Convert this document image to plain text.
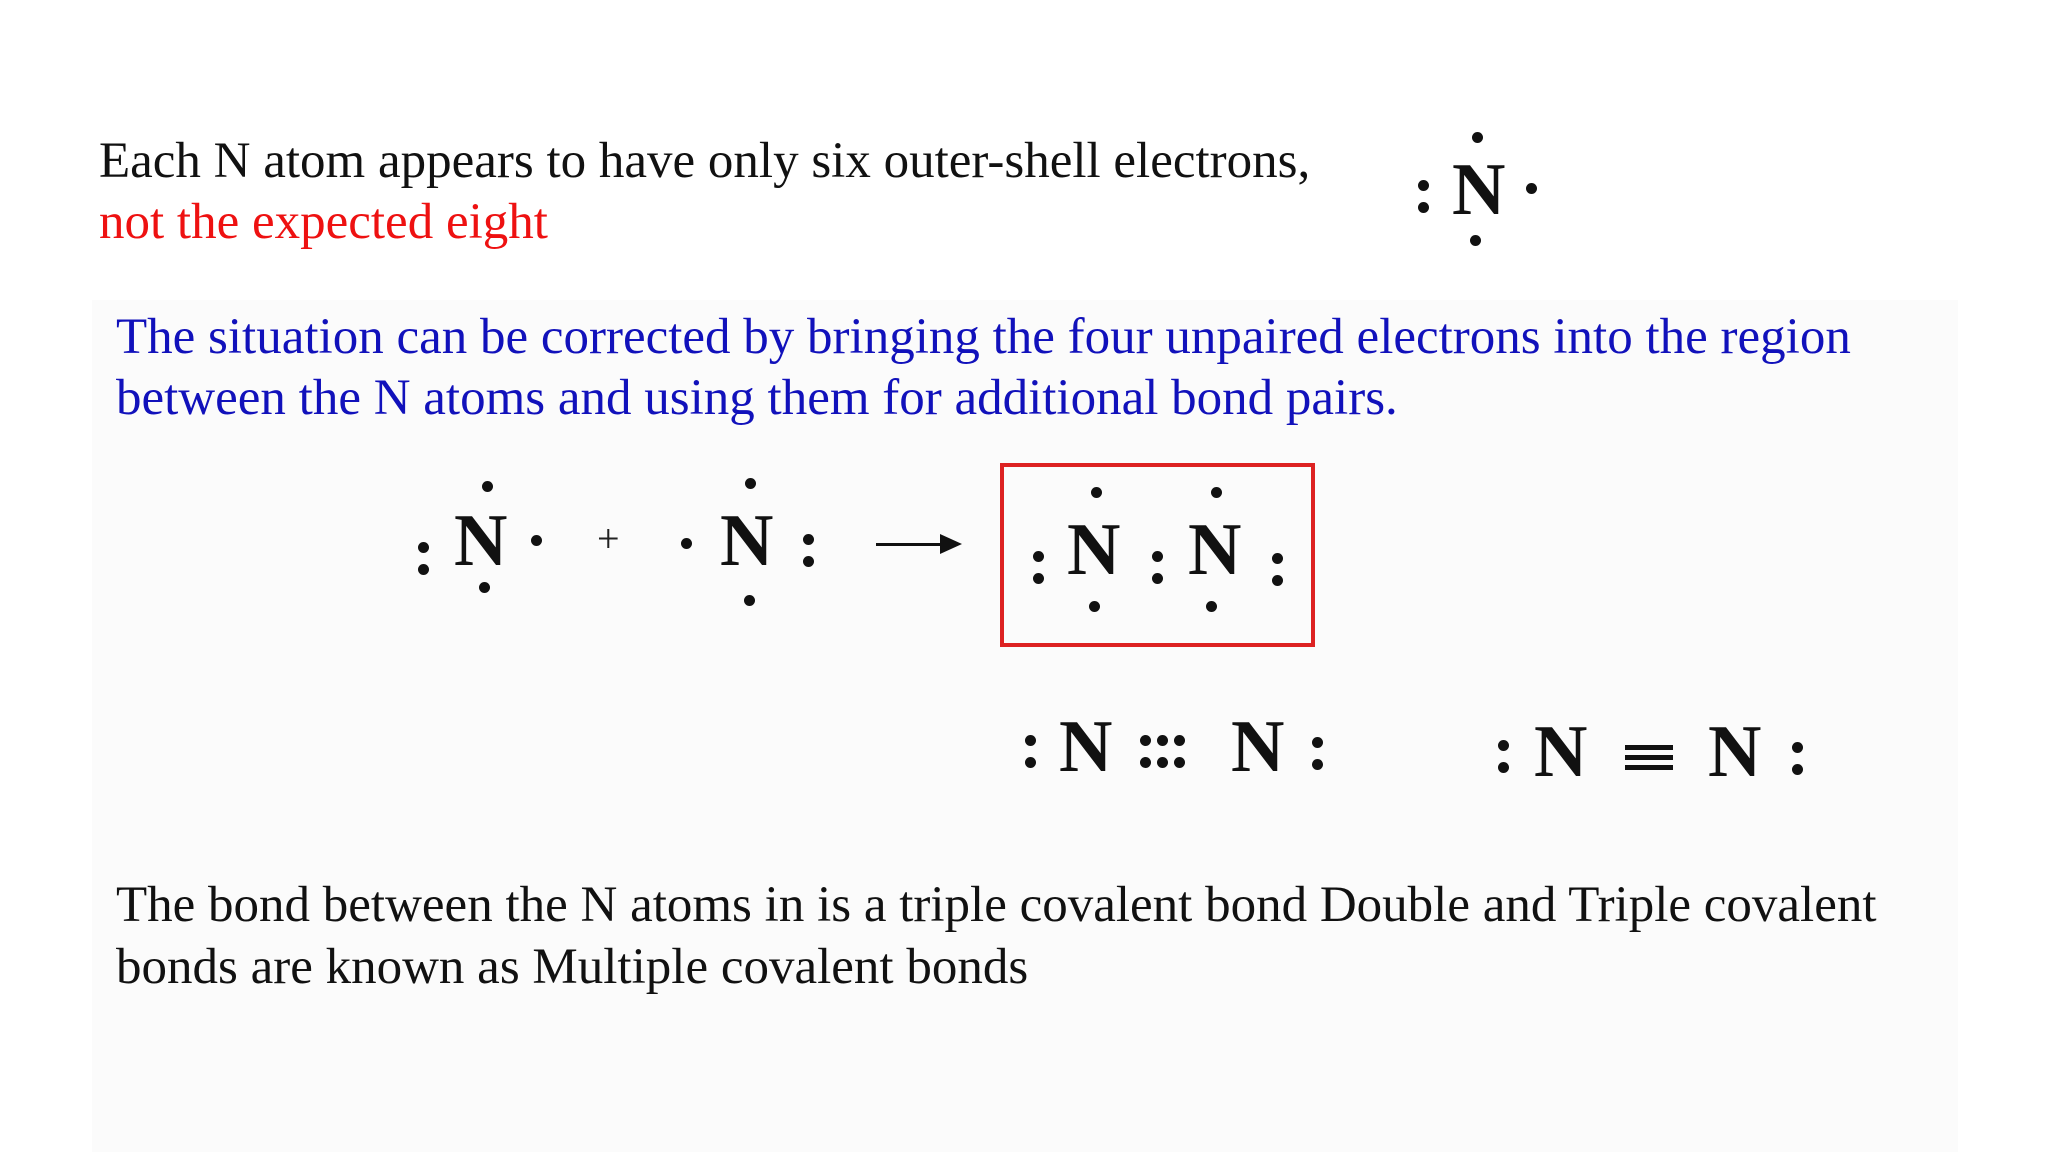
Each N atom appears to have only six outer-shell electrons,

not the expected eight	N

The situation can be corrected by bringing the four unpaired electrons into the region

between the N atoms and using them for additional bond pairs.

N + N	N N
N N	N N

The bond between the N atoms in is a triple covalent bond Double and Triple covalent

bonds are known as Multiple covalent bonds
